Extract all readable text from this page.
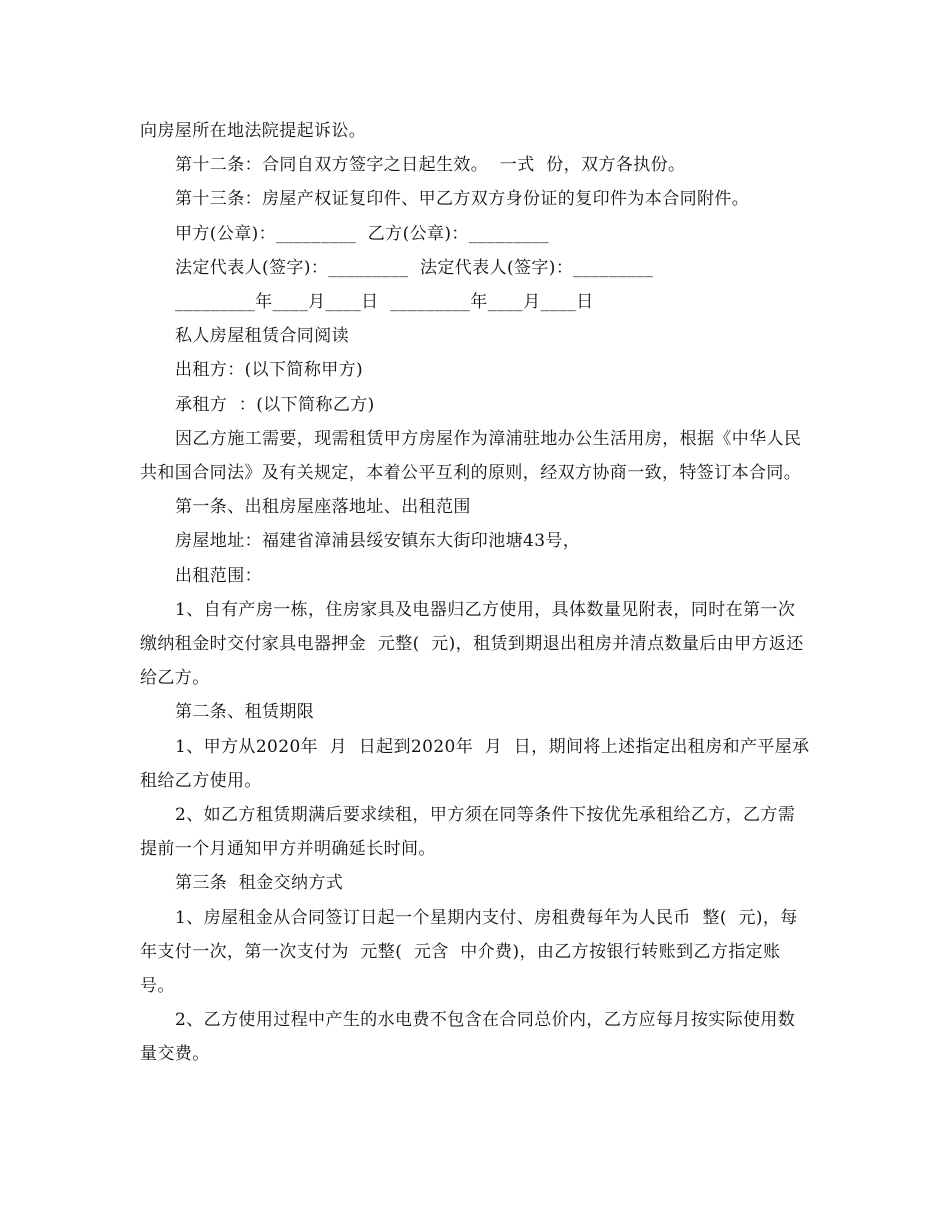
向房屋所在地法院提起诉讼。

第十二条：合同自双方签字之日起生效。  一式  份，双方各执份。

第十三条：房屋产权证复印件、甲乙方双方身份证的复印件为本合同附件。

甲方(公章)：_________  乙方(公章)：_________

法定代表人(签字)：_________  法定代表人(签字)：_________

_________年____月____日  _________年____月____日

私人房屋租赁合同阅读

出租方：(以下简称甲方)

承租方  ：(以下简称乙方)

因乙方施工需要，现需租赁甲方房屋作为漳浦驻地办公生活用房，根据《中华人民共和国合同法》及有关规定，本着公平互利的原则，经双方协商一致，特签订本合同。

第一条、出租房屋座落地址、出租范围

房屋地址：福建省漳浦县绥安镇东大街印池塘43号，

出租范围：

1、自有产房一栋，住房家具及电器归乙方使用，具体数量见附表，同时在第一次缴纳租金时交付家具电器押金  元整(  元)，租赁到期退出租房并清点数量后由甲方返还给乙方。

第二条、租赁期限

1、甲方从2020年  月  日起到2020年  月  日，期间将上述指定出租房和产平屋承租给乙方使用。

2、如乙方租赁期满后要求续租，甲方须在同等条件下按优先承租给乙方，乙方需提前一个月通知甲方并明确延长时间。

第三条  租金交纳方式

1、房屋租金从合同签订日起一个星期内支付、房租费每年为人民币  整(  元)，每年支付一次，第一次支付为  元整(  元含  中介费)，由乙方按银行转账到乙方指定账号。

2、乙方使用过程中产生的水电费不包含在合同总价内，乙方应每月按实际使用数量交费。
